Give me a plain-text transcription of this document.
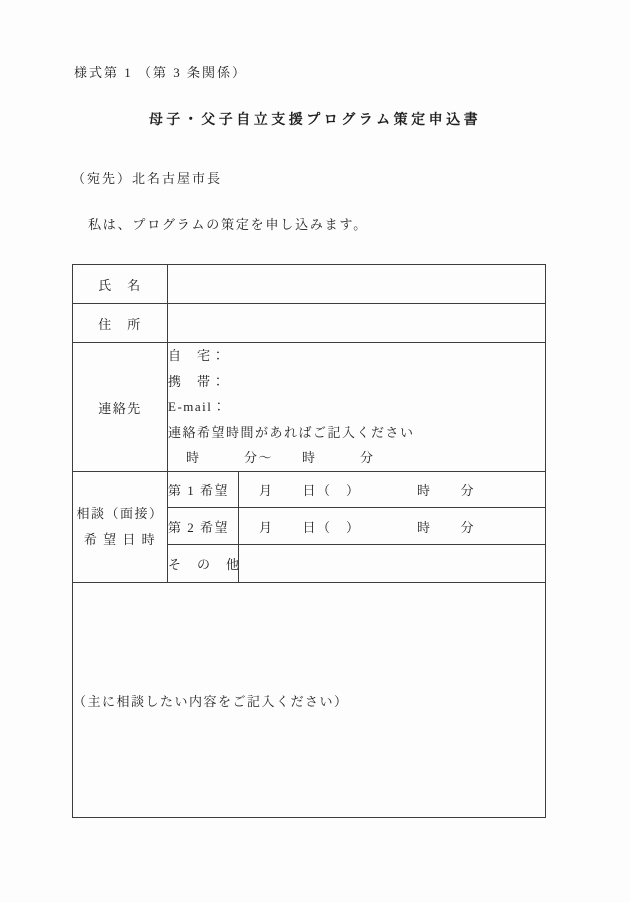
様式第 1 （第 3 条関係）
母子・父子自立支援プログラム策定申込書
（宛先）北名古屋市長
私は、プログラムの策定を申し込みます。
氏　名		
住　所		
連絡先	自　宅：
携　帯：
E-mail：
連絡希望時間があればご記入ください
時　　　分～　　時　　　分	

相談（面接）
希 望 日 時	第 1 希望	月　　日（　） 時　　分

	第 2 希望	月　　日（　） 時　　分

	そ　の　他	
（主に相談したい内容をご記入ください）		
